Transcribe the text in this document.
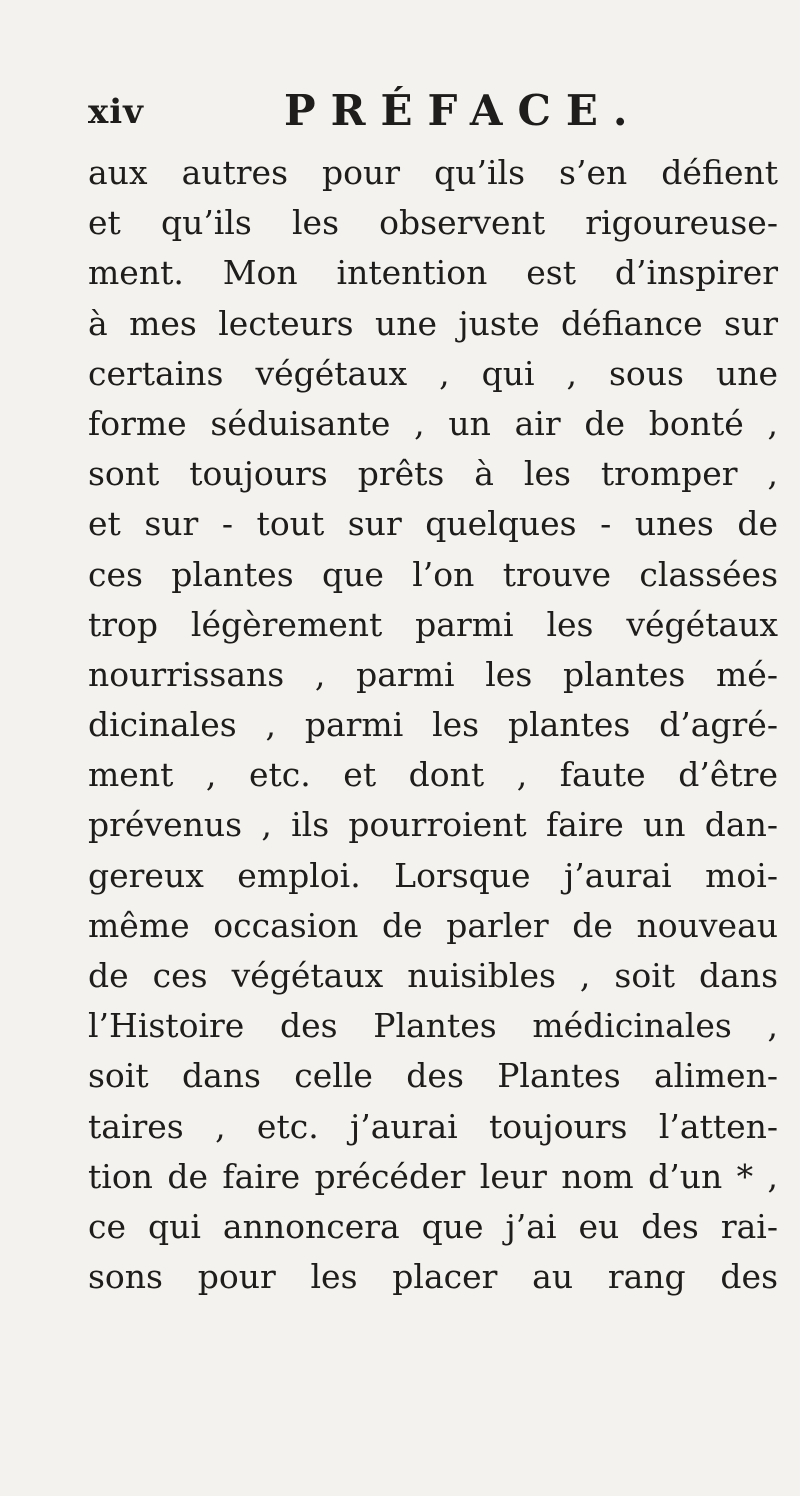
xiv	PRÉFACE.
aux autres pour qu’ils s’en défient
et qu’ils les observent rigoureuse-
ment. Mon intention est d’inspirer
à mes lecteurs une juste défiance sur
certains végétaux , qui , sous une
forme séduisante , un air de bonté ,
sont toujours prêts à les tromper ,
et sur - tout sur quelques - unes de
ces plantes que l’on trouve classées
trop légèrement parmi les végétaux
nourrissans , parmi les plantes mé-
dicinales , parmi les plantes d’agré-
ment , etc. et dont , faute d’être
prévenus , ils pourroient faire un dan-
gereux emploi. Lorsque j’aurai moi-
même occasion de parler de nouveau
de ces végétaux nuisibles , soit dans
l’Histoire des Plantes médicinales ,
soit dans celle des Plantes alimen-
taires , etc. j’aurai toujours l’atten-
tion de faire précéder leur nom d’un * ,
ce qui annoncera que j’ai eu des rai-
sons pour les placer au rang des
